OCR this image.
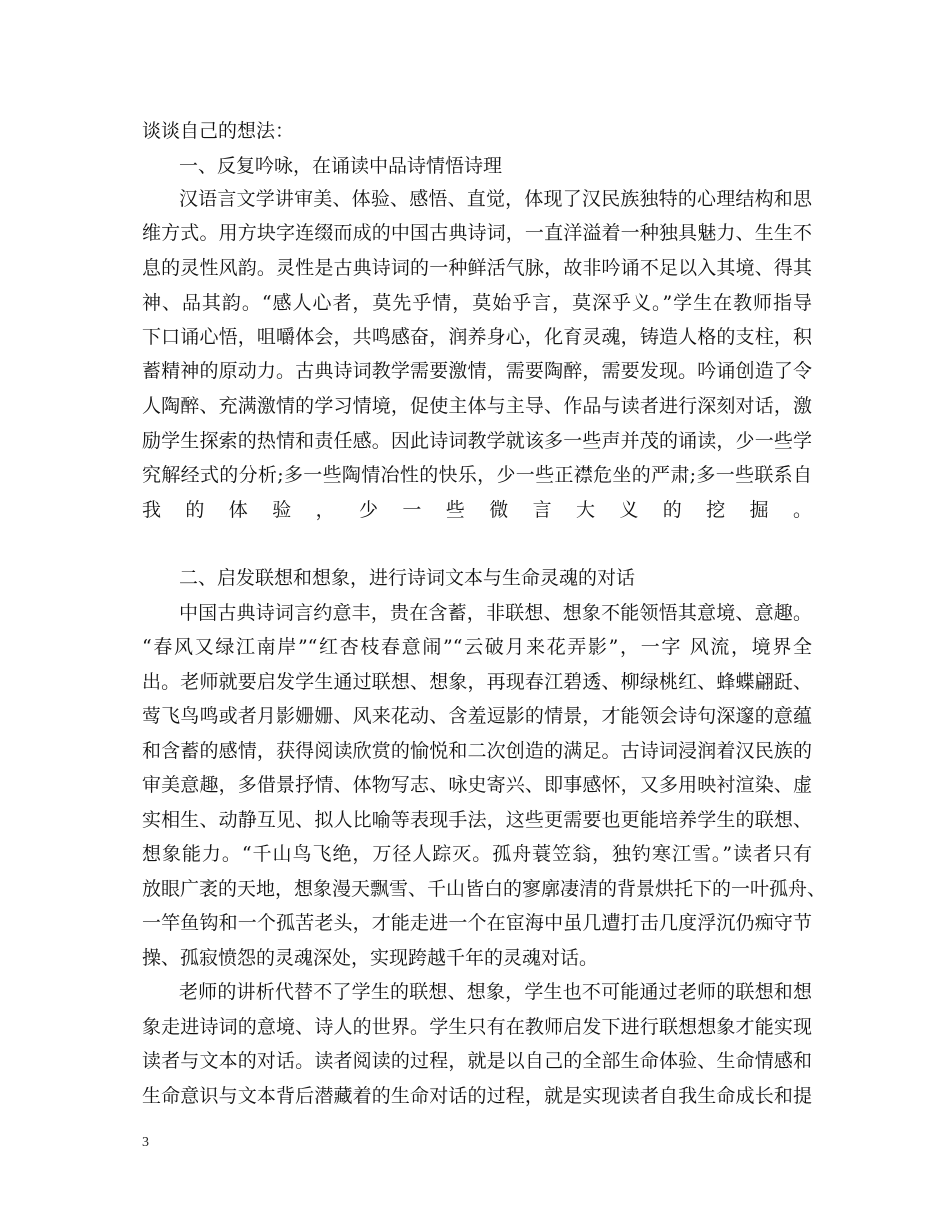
谈谈自己的想法：
一、反复吟咏，在诵读中品诗情悟诗理
汉语言文学讲审美、体验、感悟、直觉，体现了汉民族独特的心理结构和思
维方式。用方块字连缀而成的中国古典诗词，一直洋溢着一种独具魅力、生生不
息的灵性风韵。灵性是古典诗词的一种鲜活气脉，故非吟诵不足以入其境、得其
神、品其韵。“感人心者，莫先乎情，莫始乎言，莫深乎义。”学生在教师指导
下口诵心悟，咀嚼体会，共鸣感奋，润养身心，化育灵魂，铸造人格的支柱，积
蓄精神的原动力。古典诗词教学需要激情，需要陶醉，需要发现。吟诵创造了令
人陶醉、充满激情的学习情境，促使主体与主导、作品与读者进行深刻对话，激
励学生探索的热情和责任感。因此诗词教学就该多一些声并茂的诵读，少一些学
究解经式的分析;多一些陶情冶性的快乐，少一些正襟危坐的严肃;多一些联系自
我的体验，少一些微言大义的挖掘。
二、启发联想和想象，进行诗词文本与生命灵魂的对话
中国古典诗词言约意丰，贵在含蓄，非联想、想象不能领悟其意境、意趣。
“春风又绿江南岸”“红杏枝春意闹”“云破月来花弄影”，一字 风流，境界全
出。老师就要启发学生通过联想、想象，再现春江碧透、柳绿桃红、蜂蝶翩跹、
莺飞鸟鸣或者月影姗姗、风来花动、含羞逗影的情景，才能领会诗句深邃的意蕴
和含蓄的感情，获得阅读欣赏的愉悦和二次创造的满足。古诗词浸润着汉民族的
审美意趣，多借景抒情、体物写志、咏史寄兴、即事感怀，又多用映衬渲染、虚
实相生、动静互见、拟人比喻等表现手法，这些更需要也更能培养学生的联想、
想象能力。“千山鸟飞绝，万径人踪灭。孤舟蓑笠翁，独钓寒江雪。”读者只有
放眼广袤的天地，想象漫天飘雪、千山皆白的寥廓凄清的背景烘托下的一叶孤舟、
一竿鱼钩和一个孤苦老头，才能走进一个在宦海中虽几遭打击几度浮沉仍痴守节
操、孤寂愤怨的灵魂深处，实现跨越千年的灵魂对话。
老师的讲析代替不了学生的联想、想象，学生也不可能通过老师的联想和想
象走进诗词的意境、诗人的世界。学生只有在教师启发下进行联想想象才能实现
读者与文本的对话。读者阅读的过程，就是以自己的全部生命体验、生命情感和
生命意识与文本背后潜藏着的生命对话的过程，就是实现读者自我生命成长和提
3
